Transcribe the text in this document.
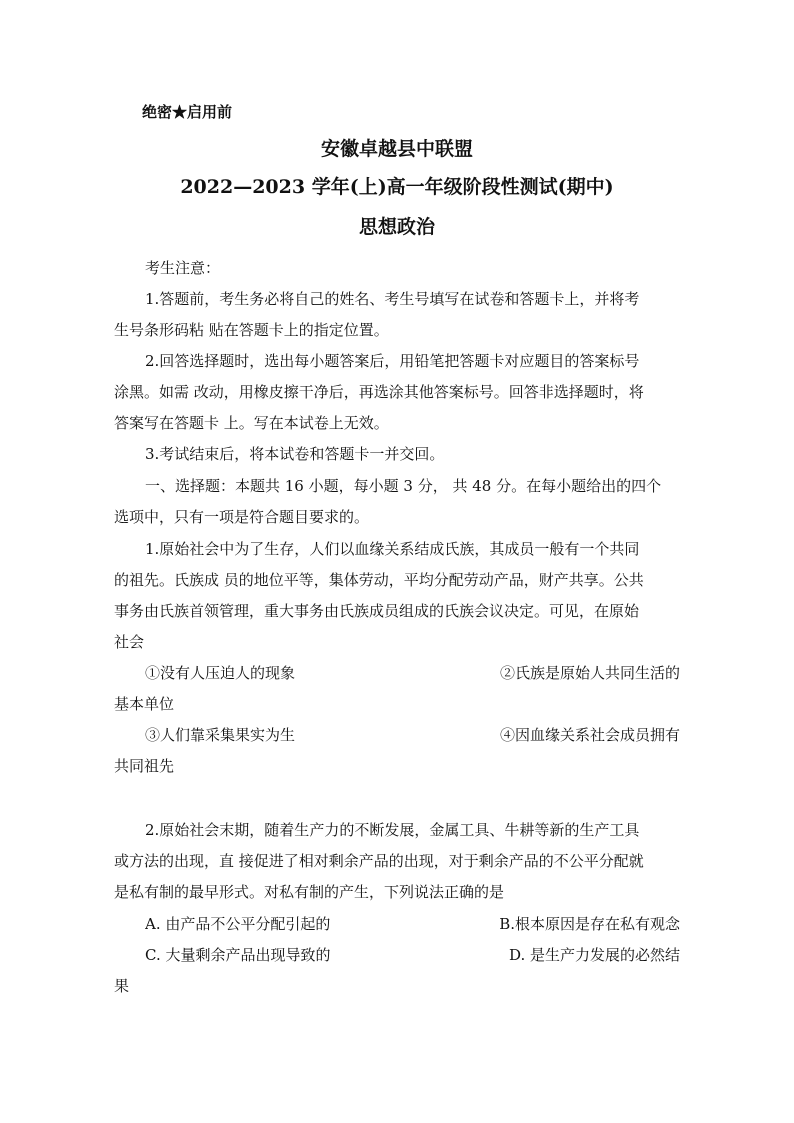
绝密★启用前
安徽卓越县中联盟
2022—2023 学年(上)高一年级阶段性测试(期中)
思想政治
考生注意：
1.答题前，考生务必将自己的姓名、考生号填写在试卷和答题卡上，并将考
生号条形码粘 贴在答题卡上的指定位置。
2.回答选择题时，选出每小题答案后，用铅笔把答题卡对应题目的答案标号
涂黑。如需 改动，用橡皮擦干净后，再选涂其他答案标号。回答非选择题时，将
答案写在答题卡 上。写在本试卷上无效。
3.考试结束后，将本试卷和答题卡一并交回。
一、选择题：本题共 16 小题，每小题 3 分， 共 48 分。在每小题给出的四个
选项中，只有一项是符合题目要求的。
1.原始社会中为了生存，人们以血缘关系结成氏族，其成员一般有一个共同
的祖先。氏族成 员的地位平等，集体劳动，平均分配劳动产品，财产共享。公共
事务由氏族首领管理，重大事务由氏族成员组成的氏族会议决定。可见，在原始
社会
①没有人压迫人的现象	②氏族是原始人共同生活的
基本单位
③人们靠采集果实为生	④因血缘关系社会成员拥有
共同祖先
2.原始社会末期，随着生产力的不断发展，金属工具、牛耕等新的生产工具
或方法的出现，直 接促进了相对剩余产品的出现，对于剩余产品的不公平分配就
是私有制的最早形式。对私有制的产生，下列说法正确的是
A. 由产品不公平分配引起的	B.根本原因是存在私有观念
C. 大量剩余产品出现导致的	D. 是生产力发展的必然结
果
